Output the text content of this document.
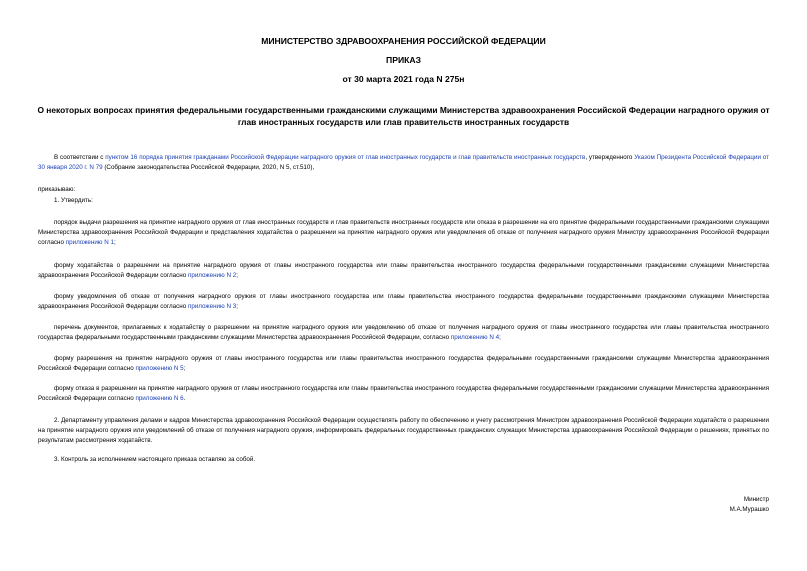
МИНИСТЕРСТВО ЗДРАВООХРАНЕНИЯ РОССИЙСКОЙ ФЕДЕРАЦИИ
ПРИКАЗ
от 30 марта 2021 года N 275н
О некоторых вопросах принятия федеральными государственными гражданскими служащими Министерства здравоохранения Российской Федерации наградного оружия от глав иностранных государств или глав правительств иностранных государств
В соответствии с пунктом 16 порядка принятия гражданами Российской Федерации наградного оружия от глав иностранных государств и глав правительств иностранных государств, утвержденного Указом Президента Российской Федерации от 30 января 2020 г. N 79 (Собрание законодательства Российской Федерации, 2020, N 5, ст.510),
приказываю:
1. Утвердить:
порядок выдачи разрешения на принятие наградного оружия от глав иностранных государств и глав правительств иностранных государств или отказа в разрешении на его принятие федеральными государственными гражданскими служащими Министерства здравоохранения Российской Федерации и представления ходатайства о разрешении на принятие наградного оружия или уведомления об отказе от получения наградного оружия Министру здравоохранения Российской Федерации согласно приложению N 1;
форму ходатайства о разрешении на принятие наградного оружия от главы иностранного государства или главы правительства иностранного государства федеральными государственными гражданскими служащими Министерства здравоохранения Российской Федерации согласно приложению N 2;
форму уведомления об отказе от получения наградного оружия от главы иностранного государства или главы правительства иностранного государства федеральными государственными гражданскими служащими Министерства здравоохранения Российской Федерации согласно приложению N 3;
перечень документов, прилагаемых к ходатайству о разрешении на принятие наградного оружия или уведомлению об отказе от получения наградного оружия от главы иностранного государства или главы правительства иностранного государства федеральными государственными гражданскими служащими Министерства здравоохранения Российской Федерации, согласно приложению N 4;
форму разрешения на принятие наградного оружия от главы иностранного государства или главы правительства иностранного государства федеральными государственными гражданскими служащими Министерства здравоохранения Российской Федерации согласно приложению N 5;
форму отказа в разрешении на принятие наградного оружия от главы иностранного государства или главы правительства иностранного государства федеральными государственными гражданскими служащими Министерства здравоохранения Российской Федерации согласно приложению N 6.
2. Департаменту управления делами и кадров Министерства здравоохранения Российской Федерации осуществлять работу по обеспечению и учету рассмотрения Министром здравоохранения Российской Федерации ходатайств о разрешении на принятие наградного оружия или уведомлений об отказе от получения наградного оружия, информировать федеральных государственных гражданских служащих Министерства здравоохранения Российской Федерации о решениях, принятых по результатам рассмотрения ходатайств.
3. Контроль за исполнением настоящего приказа оставляю за собой.
Министр
М.А.Мурашко
